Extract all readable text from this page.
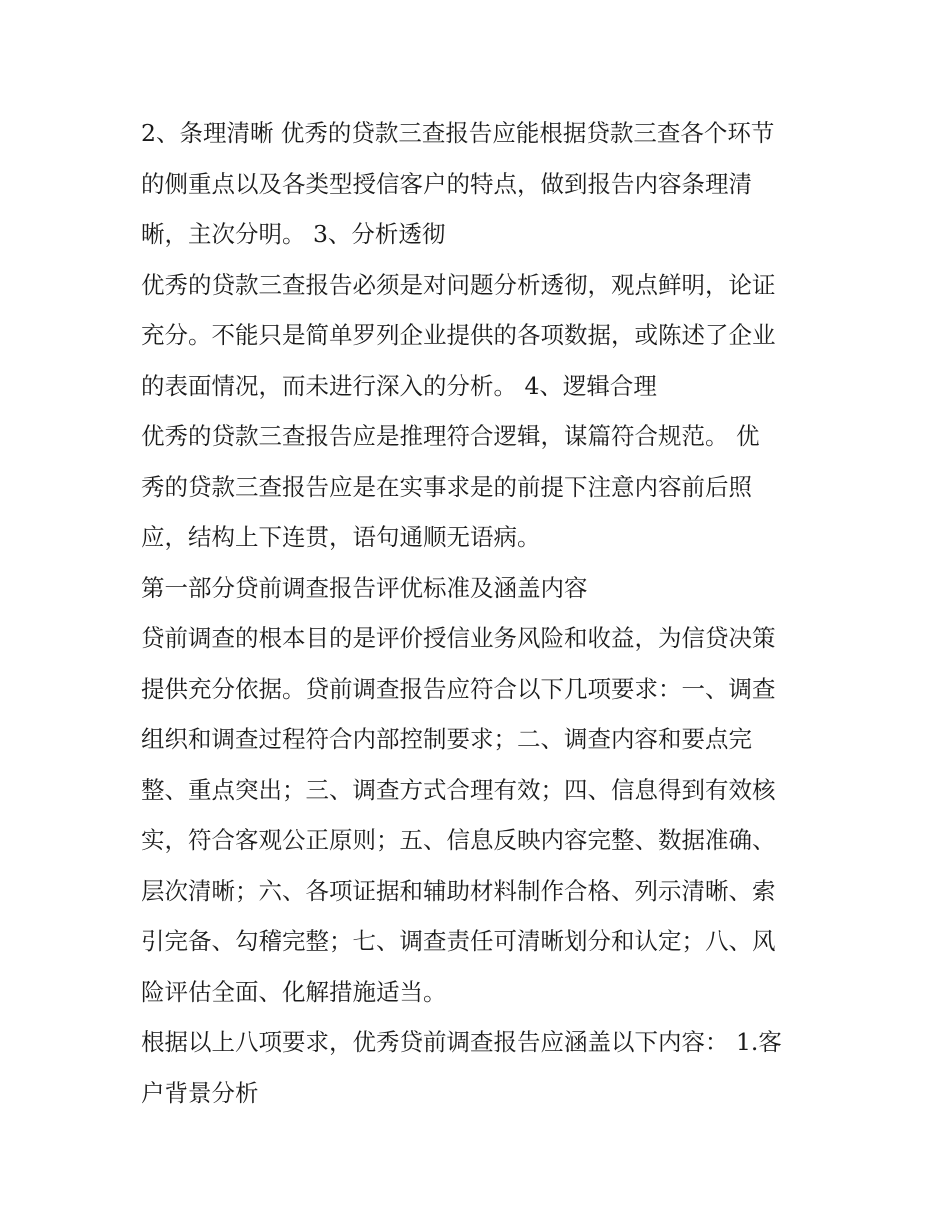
2、条理清晰 优秀的贷款三查报告应能根据贷款三查各个环节
的侧重点以及各类型授信客户的特点，做到报告内容条理清
晰，主次分明。 3、分析透彻
优秀的贷款三查报告必须是对问题分析透彻，观点鲜明，论证
充分。不能只是简单罗列企业提供的各项数据，或陈述了企业
的表面情况，而未进行深入的分析。 4、逻辑合理
优秀的贷款三查报告应是推理符合逻辑，谋篇符合规范。 优
秀的贷款三查报告应是在实事求是的前提下注意内容前后照
应，结构上下连贯，语句通顺无语病。
第一部分贷前调查报告评优标准及涵盖内容
贷前调查的根本目的是评价授信业务风险和收益，为信贷决策
提供充分依据。贷前调查报告应符合以下几项要求：一、调查
组织和调查过程符合内部控制要求；二、调查内容和要点完
整、重点突出；三、调查方式合理有效；四、信息得到有效核
实，符合客观公正原则；五、信息反映内容完整、数据准确、
层次清晰；六、各项证据和辅助材料制作合格、列示清晰、索
引完备、勾稽完整；七、调查责任可清晰划分和认定；八、风
险评估全面、化解措施适当。
根据以上八项要求，优秀贷前调查报告应涵盖以下内容： 1.客
户背景分析
